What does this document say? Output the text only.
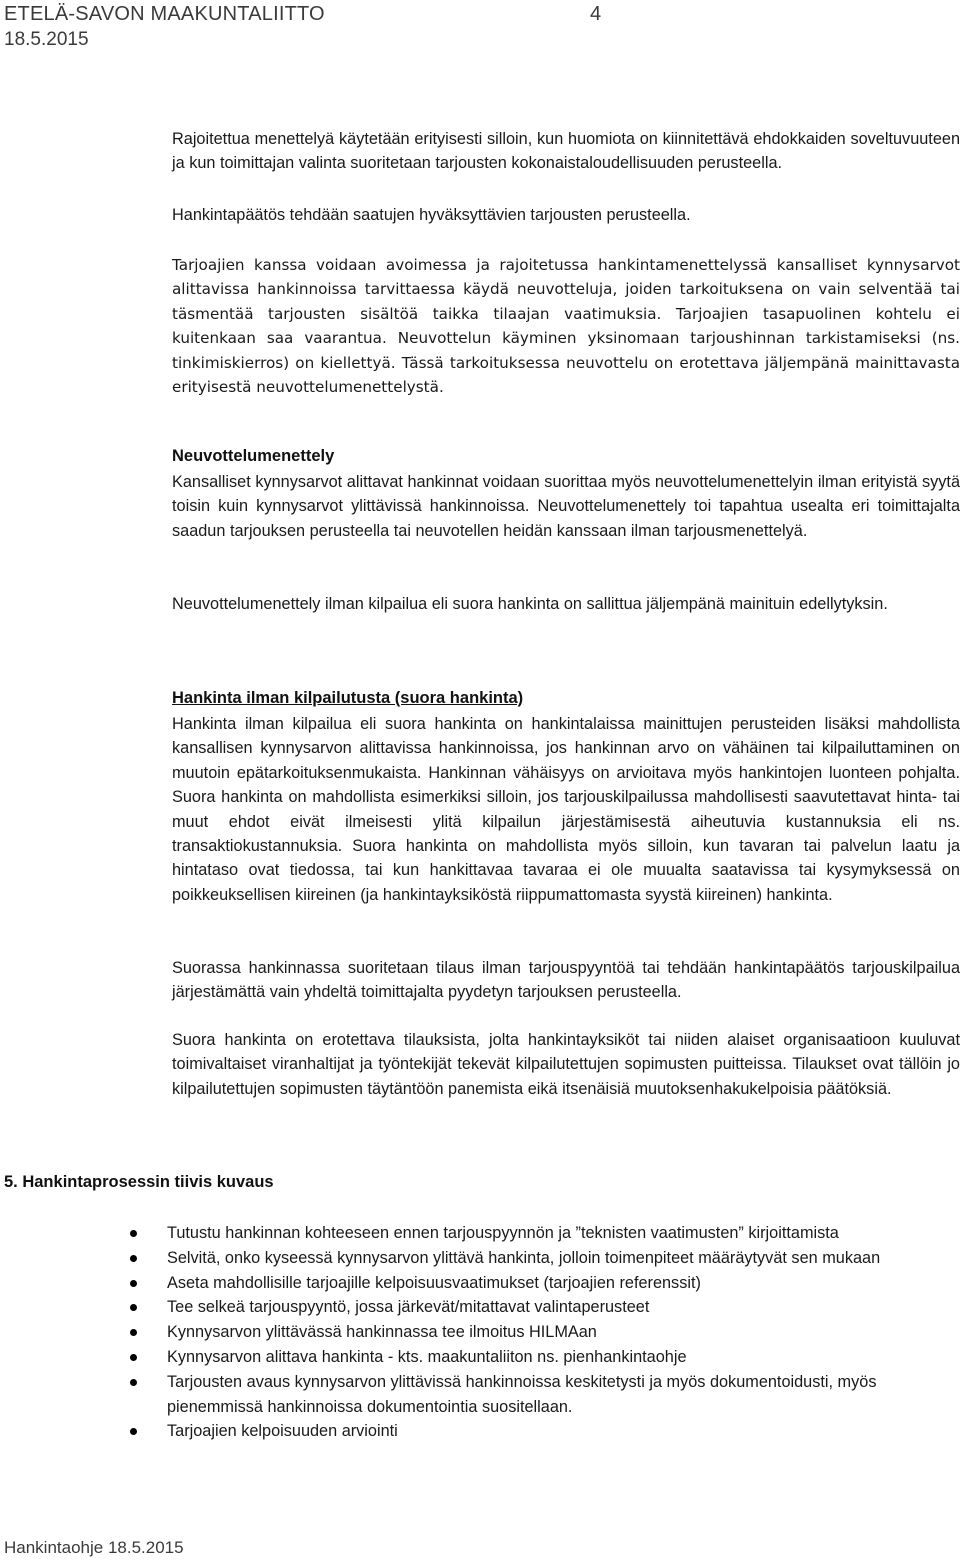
ETELÄ-SAVON MAAKUNTALIITTO	4
18.5.2015

Rajoitettua menettelyä käytetään erityisesti silloin, kun huomiota on kiinnitettävä ehdokkaiden soveltuvuuteen ja kun toimittajan valinta suoritetaan tarjousten kokonaistaloudellisuuden perusteella.

Hankintapäätös tehdään saatujen hyväksyttävien tarjousten perusteella.

Tarjoajien kanssa voidaan avoimessa ja rajoitetussa hankintamenettelyssä kansalliset kynnysarvot alittavissa hankinnoissa tarvittaessa käydä neuvotteluja, joiden tarkoituksena on vain selventää tai täsmentää tarjousten sisältöä taikka tilaajan vaatimuksia. Tarjoajien tasapuolinen kohtelu ei kuitenkaan saa vaarantua. Neuvottelun käyminen yksinomaan tarjoushinnan tarkistamiseksi (ns. tinkimiskierros) on kiellettyä. Tässä tarkoituksessa neuvottelu on erotettava jäljempänä mainittavasta erityisestä neuvottelumenettelystä.

Neuvottelumenettely

Kansalliset kynnysarvot alittavat hankinnat voidaan suorittaa myös neuvottelumenettelyin ilman erityistä syytä toisin kuin kynnysarvot ylittävissä hankinnoissa. Neuvottelumenettely toi tapahtua usealta eri toimittajalta saadun tarjouksen perusteella tai neuvotellen heidän kanssaan ilman tarjousmenettelyä.

Neuvottelumenettely ilman kilpailua eli suora hankinta on sallittua jäljempänä mainituin edellytyksin.

Hankinta ilman kilpailutusta (suora hankinta)

Hankinta ilman kilpailua eli suora hankinta on hankintalaissa mainittujen perusteiden lisäksi mahdollista kansallisen kynnysarvon alittavissa hankinnoissa, jos hankinnan arvo on vähäinen tai kilpailuttaminen on muutoin epätarkoituksenmukaista. Hankinnan vähäisyys on arvioitava myös hankintojen luonteen pohjalta. Suora hankinta on mahdollista esimerkiksi silloin, jos tarjouskilpailussa mahdollisesti saavutettavat hinta- tai muut ehdot eivät ilmeisesti ylitä kilpailun järjestämisestä aiheutuvia kustannuksia eli ns. transaktiokustannuksia. Suora hankinta on mahdollista myös silloin, kun tavaran tai palvelun laatu ja hintataso ovat tiedossa, tai kun hankittavaa tavaraa ei ole muualta saatavissa tai kysymyksessä on poikkeuksellisen kiireinen (ja hankintayksiköstä riippumattomasta syystä kiireinen) hankinta.

Suorassa hankinnassa suoritetaan tilaus ilman tarjouspyyntöä tai tehdään hankintapäätös tarjouskilpailua järjestämättä vain yhdeltä toimittajalta pyydetyn tarjouksen perusteella.

Suora hankinta on erotettava tilauksista, jolta hankintayksiköt tai niiden alaiset organisaatioon kuuluvat toimivaltaiset viranhaltijat ja työntekijät tekevät kilpailutettujen sopimusten puitteissa. Tilaukset ovat tällöin jo kilpailutettujen sopimusten täytäntöön panemista eikä itsenäisiä muutoksenhakukelpoisia päätöksiä.

5. Hankintaprosessin tiivis kuvaus
Tutustu hankinnan kohteeseen ennen tarjouspyynnön ja ”teknisten vaatimusten” kirjoittamista
Selvitä, onko kyseessä kynnysarvon ylittävä hankinta, jolloin toimenpiteet määräytyvät sen mukaan
Aseta mahdollisille tarjoajille kelpoisuusvaatimukset (tarjoajien referenssit)
Tee selkeä tarjouspyyntö, jossa järkevät/mitattavat valintaperusteet
Kynnysarvon ylittävässä hankinnassa tee ilmoitus HILMAan
Kynnysarvon alittava hankinta - kts. maakuntaliiton ns. pienhankintaohje
Tarjousten avaus kynnysarvon ylittävissä hankinnoissa keskitetysti ja myös dokumentoidusti, myös pienemmissä hankinnoissa dokumentointia suositellaan.
Tarjoajien kelpoisuuden arviointi
Hankintaohje 18.5.2015
